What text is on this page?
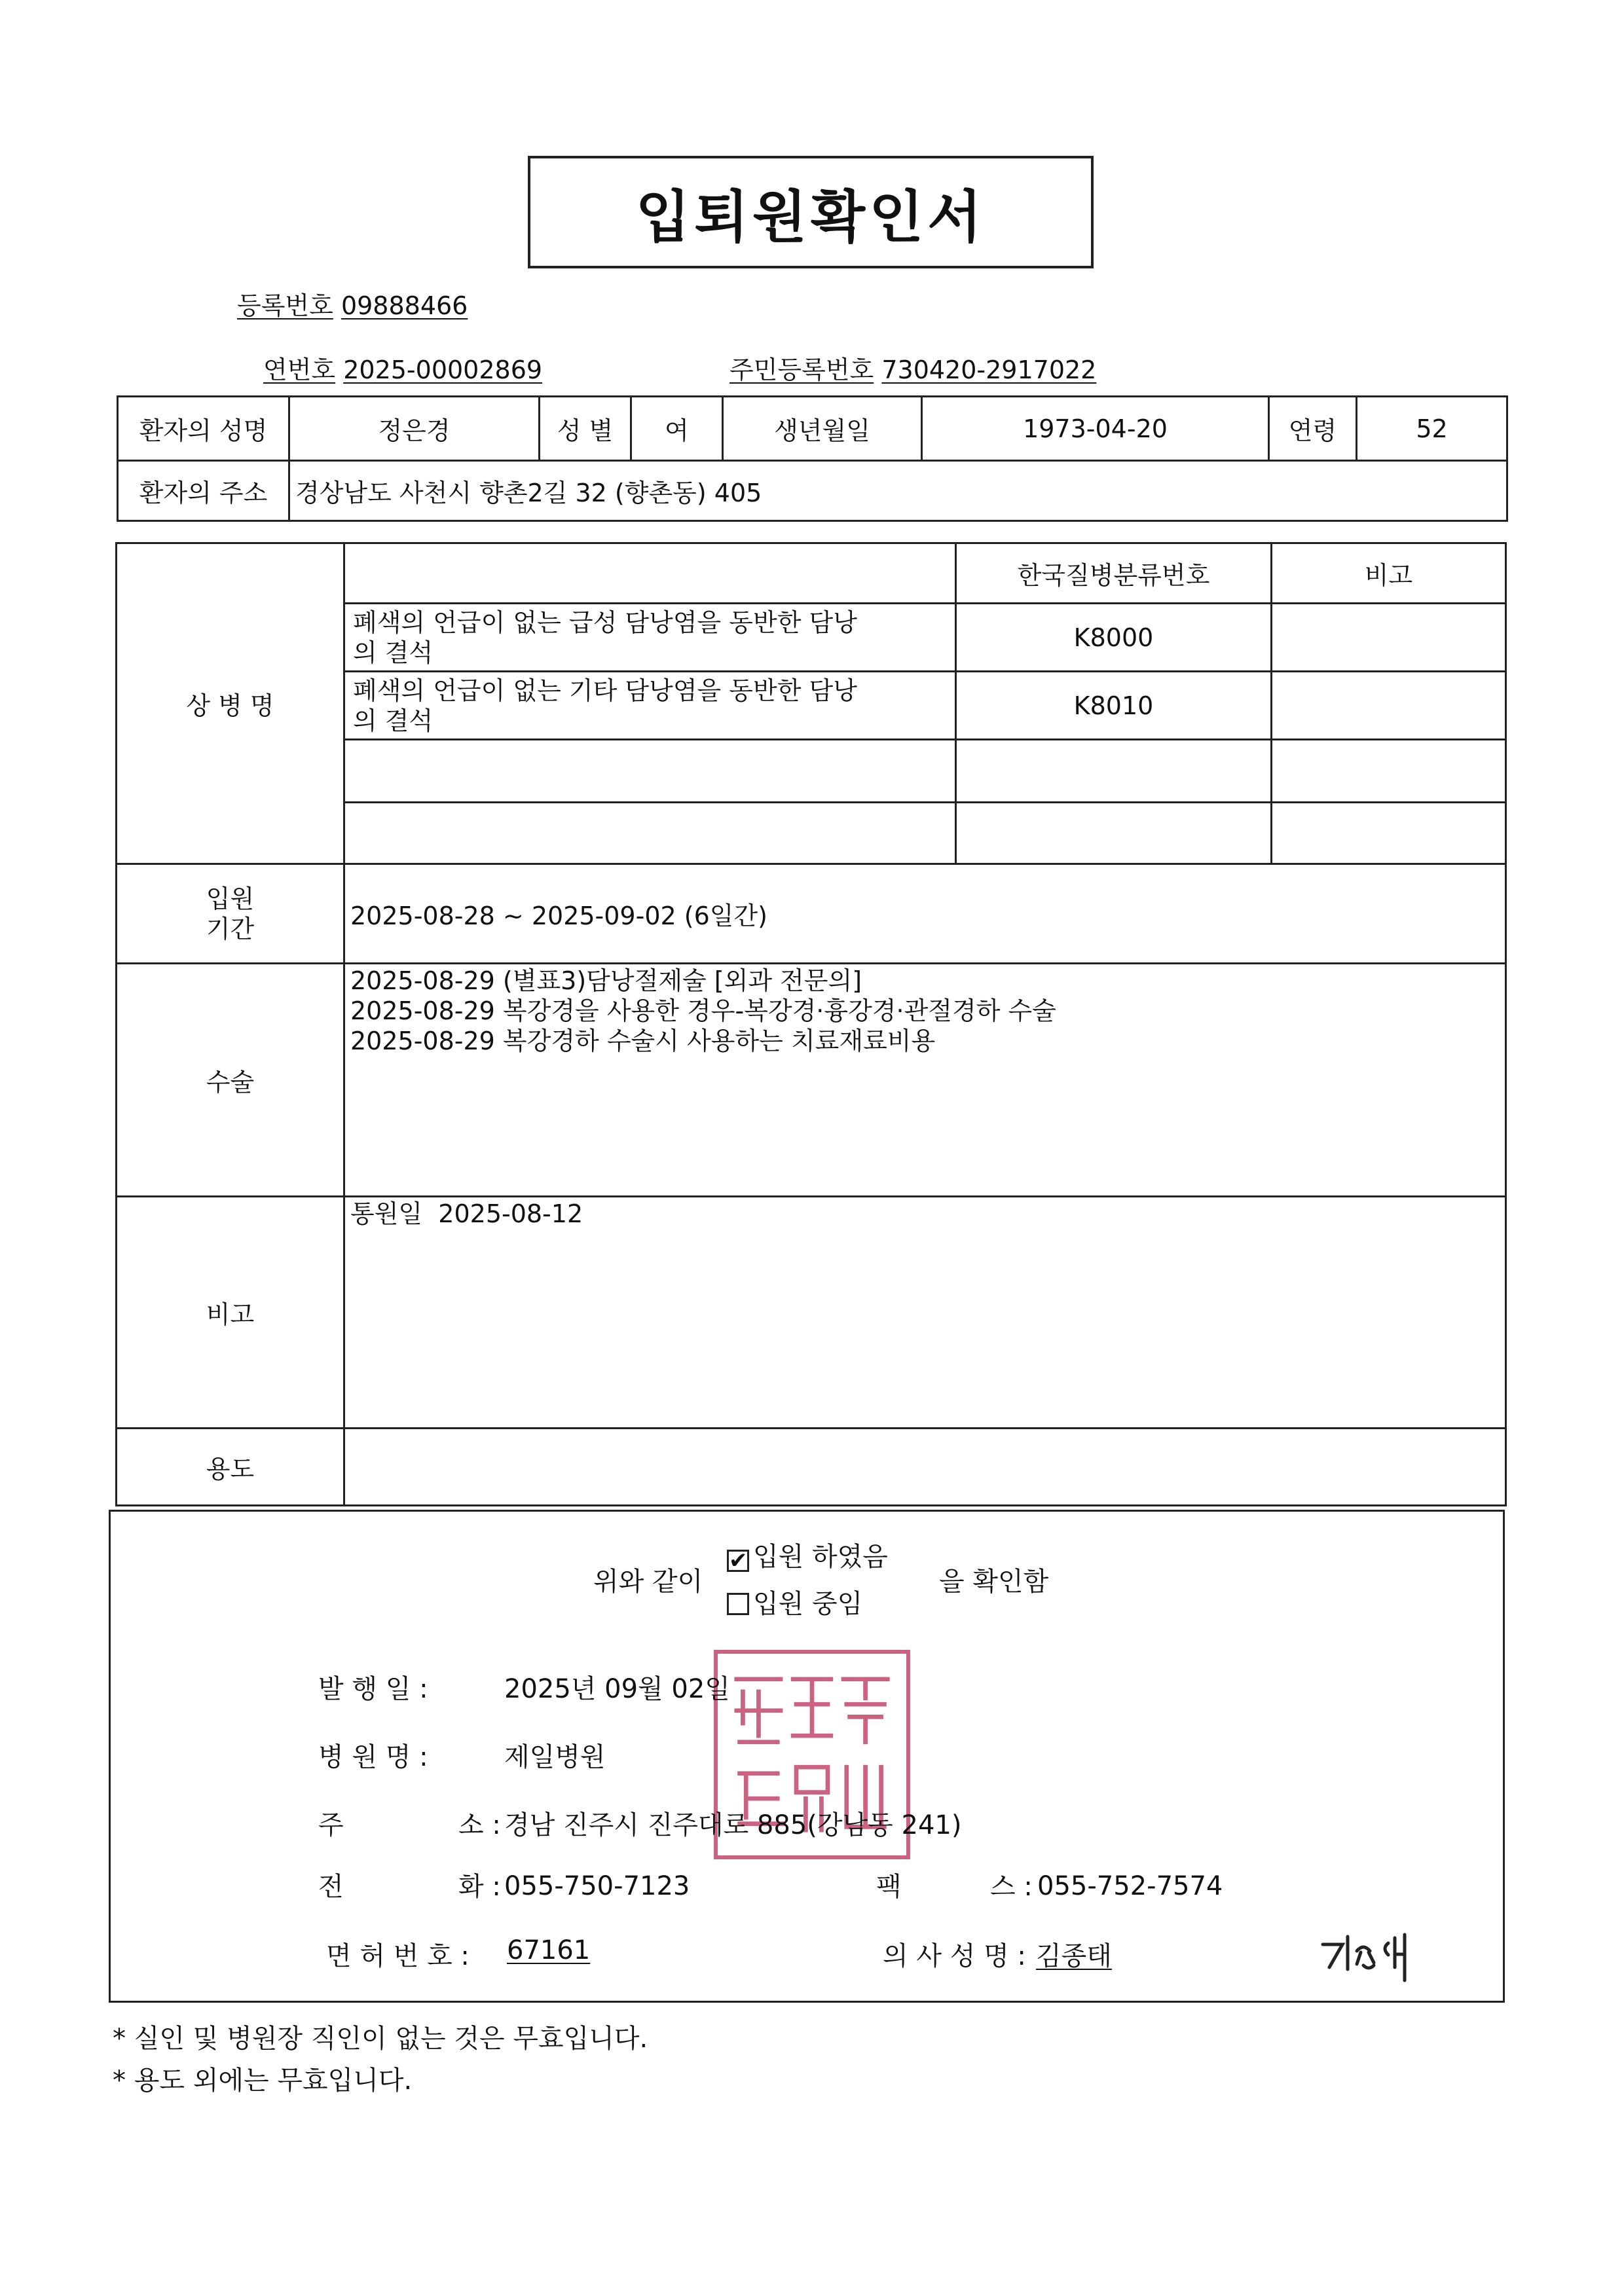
입퇴원확인서
등록번호 09888466
연번호 2025-00002869	주민등록번호 730420-2917022
환자의 성명	정은경	성 별	여	생년월일	1973-04-20	연령	52
환자의 주소	경상남도 사천시 향촌2길 32 (향촌동) 405						
상 병 명		한국질병분류번호	비고

	폐색의 언급이 없는 급성 담낭염을 동반한 담낭
의 결석	K8000	

	폐색의 언급이 없는 기타 담낭염을 동반한 담낭
의 결석	K8010	

입원
기간	2025-08-28 ~ 2025-09-02 (6일간)		
수술	2025-08-29 (별표3)담낭절제술 [외과 전문의]
2025-08-29 복강경을 사용한 경우-복강경·흉강경·관절경하 수술
2025-08-29 복강경하 수술시 사용하는 치료재료비용		

비고	통원일  2025-08-12		
용도			
위와 같이
✔ 입원 하였음
입원 중임
을 확인함
발 행 일 :	2025년 09월 02일
병 원 명 :	제일병원
주	소 : 경남 진주시 진주대로 885(강남동 241)
전	화 : 055-750-7123	팩	스 : 055-752-7574
면 허 번 호 : 67161	의 사 성 명 : 김종태
* 실인 및 병원장 직인이 없는 것은 무효입니다.
* 용도 외에는 무효입니다.
